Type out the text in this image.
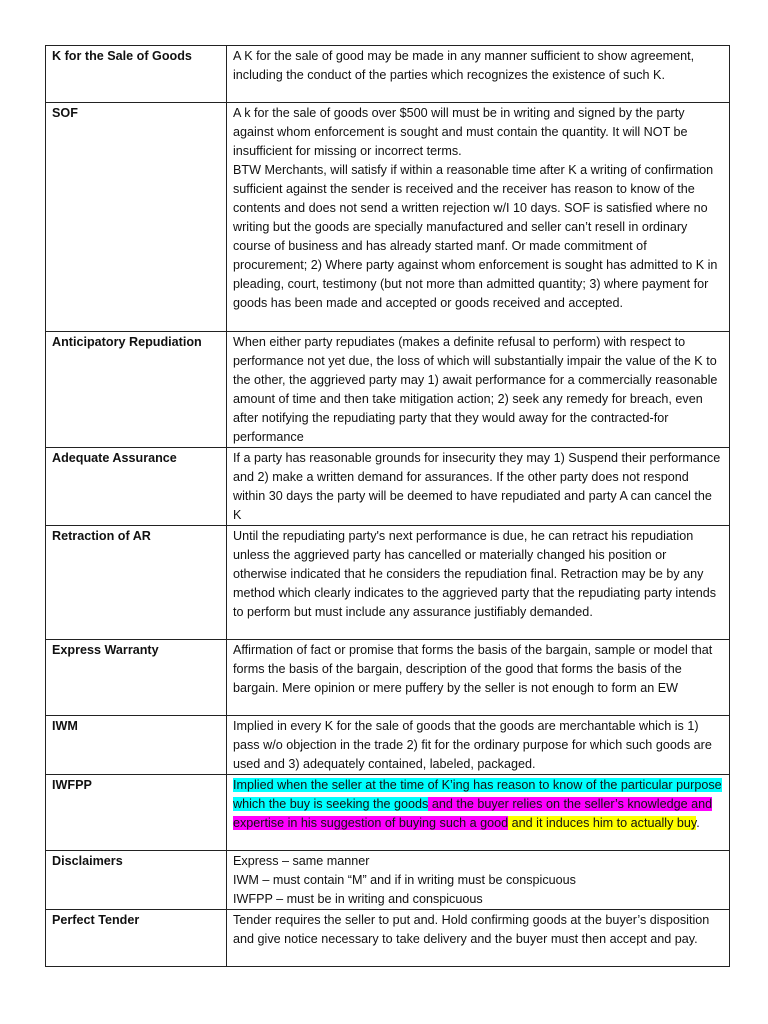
K for the Sale of Goods	A K for the sale of good may be made in any manner sufficient to show agreement, including the conduct of the parties which recognizes the existence of such K.

SOF	A k for the sale of goods over $500 will must be in writing and signed by the party against whom enforcement is sought and must contain the quantity. It will NOT be insufficient for missing or incorrect terms.
BTW Merchants, will satisfy if within a reasonable time after K a writing of confirmation sufficient against the sender is received and the receiver has reason to know of the contents and does not send a written rejection w/I 10 days. SOF is satisfied where no writing but the goods are specially manufactured and seller can’t resell in ordinary course of business and has already started manf. Or made commitment of procurement; 2) Where party against whom enforcement is sought has admitted to K in pleading, court, testimony (but not more than admitted quantity; 3) where payment for goods has been made and accepted or goods received and accepted.

Anticipatory Repudiation	When either party repudiates (makes a definite refusal to perform) with respect to performance not yet due, the loss of which will substantially impair the value of the K to the other, the aggrieved party may 1) await performance for a commercially reasonable amount of time and then take mitigation action; 2) seek any remedy for breach, even after notifying the repudiating party that they would away for the contracted-for performance

Adequate Assurance	If a party has reasonable grounds for insecurity they may 1) Suspend their performance and 2) make a written demand for assurances. If the other party does not respond within 30 days the party will be deemed to have repudiated and party A can cancel the K

Retraction of AR	Until the repudiating party's next performance is due, he can retract his repudiation unless the aggrieved party has cancelled or materially changed his position or otherwise indicated that he considers the repudiation final. Retraction may be by any method which clearly indicates to the aggrieved party that the repudiating party intends to perform but must include any assurance justifiably demanded.

Express Warranty	Affirmation of fact or promise that forms the basis of the bargain, sample or model that forms the basis of the bargain, description of the good that forms the basis of the bargain. Mere opinion or mere puffery by the seller is not enough to form an EW

IWM	Implied in every K for the sale of goods that the goods are merchantable which is 1) pass w/o objection in the trade 2) fit for the ordinary purpose for which such goods are used and 3) adequately contained, labeled, packaged.

IWFPP	Implied when the seller at the time of K’ing has reason to know of the particular purpose which the buy is seeking the goods and the buyer relies on the seller’s knowledge and expertise in his suggestion of buying such a good and it induces him to actually buy.
Disclaimers	Express – same manner
IWM – must contain “M” and if in writing must be conspicuous
IWFPP – must be in writing and conspicuous

Perfect Tender	Tender requires the seller to put and. Hold confirming goods at the buyer’s disposition and give notice necessary to take delivery and the buyer must then accept and pay.
